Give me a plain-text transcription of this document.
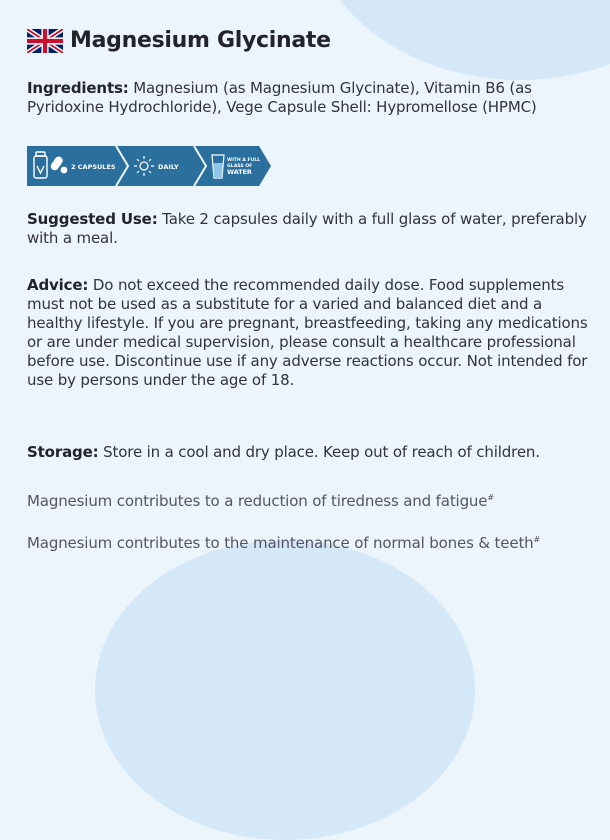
Magnesium Glycinate
Ingredients: Magnesium (as Magnesium Glycinate), Vitamin B6 (as Pyridoxine Hydrochloride), Vege Capsule Shell: Hypromellose (HPMC)
2 CAPSULES	DAILY
WITH A FULL
GLASS OF
WATER
Suggested Use: Take 2 capsules daily with a full glass of water, preferably with a meal.
Advice: Do not exceed the recommended daily dose. Food supplements must not be used as a substitute for a varied and balanced diet and a healthy lifestyle. If you are pregnant, breastfeeding, taking any medications or are under medical supervision, please consult a healthcare professional before use. Discontinue use if any adverse reactions occur. Not intended for use by persons under the age of 18.
Storage: Store in a cool and dry place. Keep out of reach of children.
Magnesium contributes to a reduction of tiredness and fatigue#
Magnesium contributes to the maintenance of normal bones & teeth#
